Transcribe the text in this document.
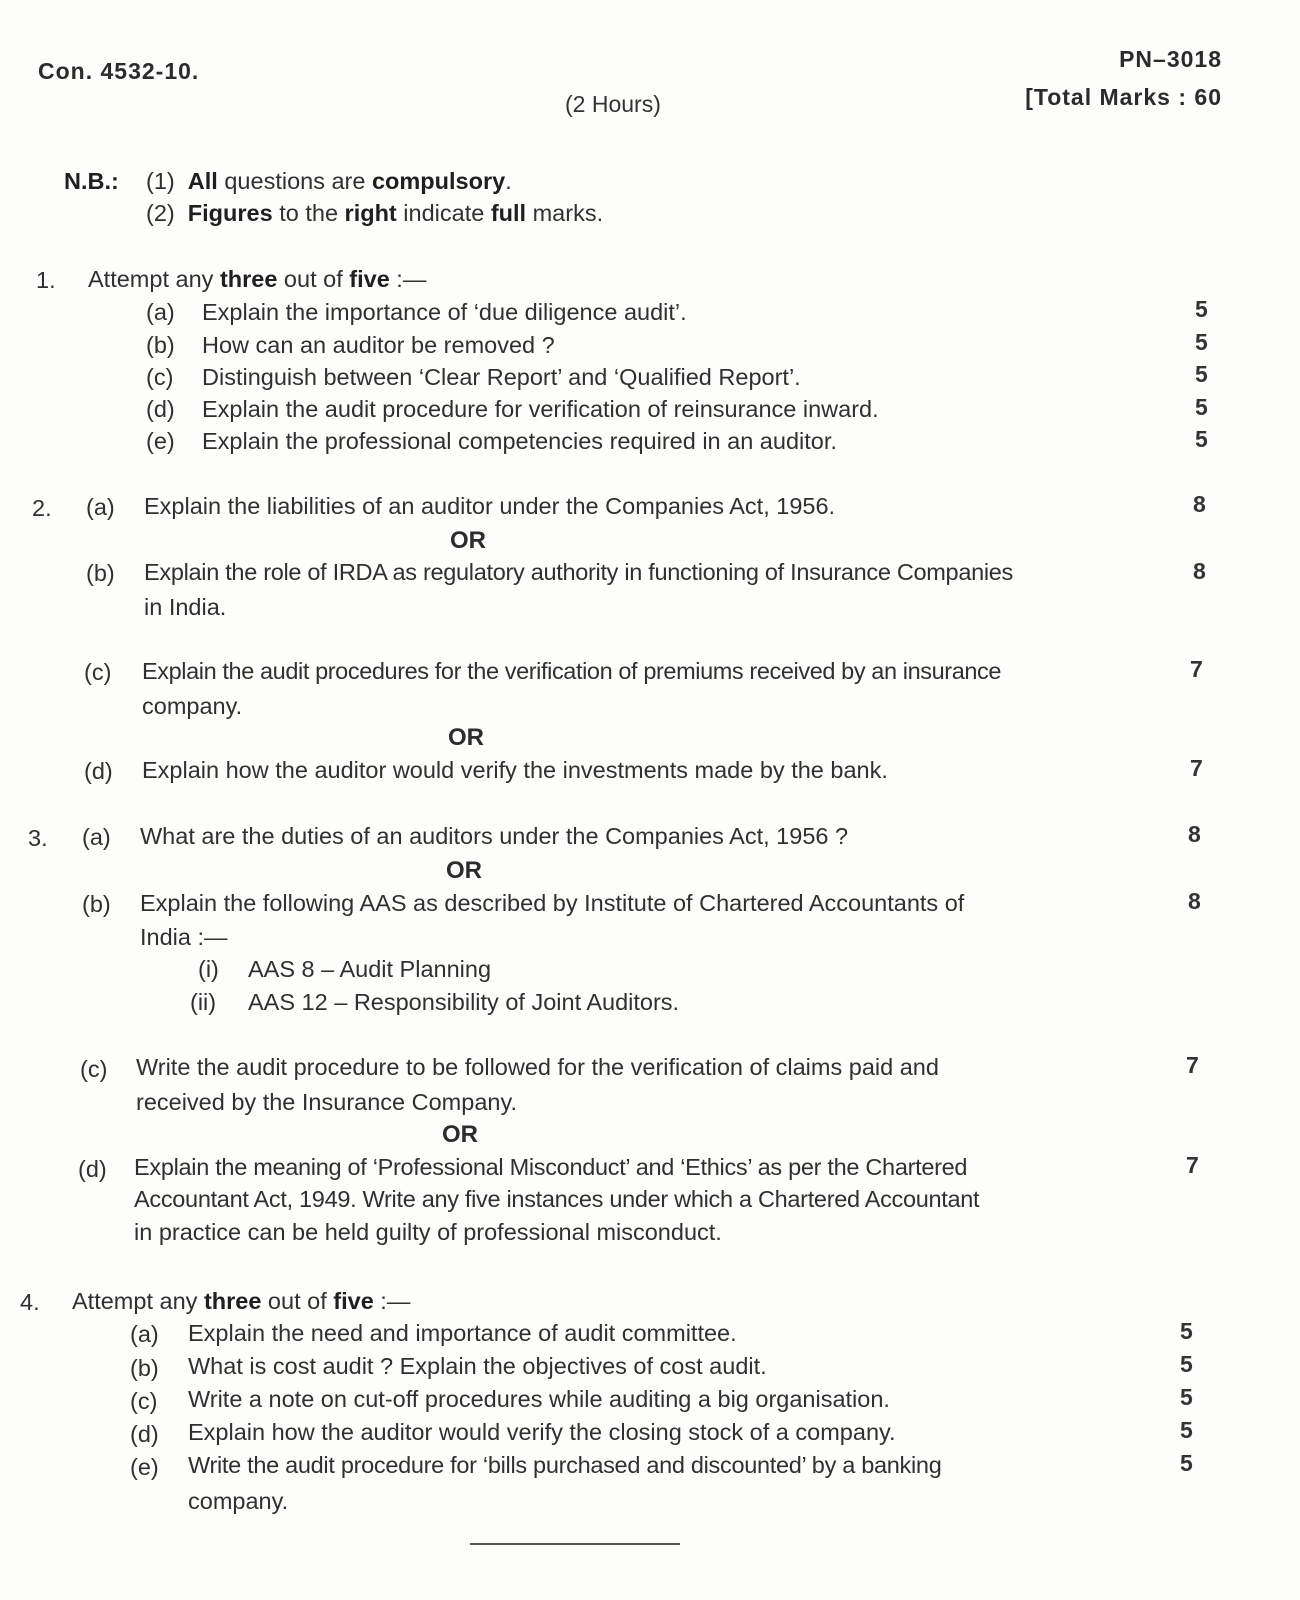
Con. 4532-10.	PN–3018
(2 Hours)	[Total Marks : 60
N.B.: (1) All questions are compulsory.
(2) Figures to the right indicate full marks.
1. Attempt any three out of five :—
(a) Explain the importance of ‘due diligence audit’.	5
(b) How can an auditor be removed ?	5
(c) Distinguish between ‘Clear Report’ and ‘Qualified Report’.	5
(d) Explain the audit procedure for verification of reinsurance inward.	5
(e) Explain the professional competencies required in an auditor.	5
2. (a) Explain the liabilities of an auditor under the Companies Act, 1956.	8
OR
(b) Explain the role of IRDA as regulatory authority in functioning of Insurance Companies
in India.
8
(c) Explain the audit procedures for the verification of premiums received by an insurance
company.
7
OR
(d) Explain how the auditor would verify the investments made by the bank.	7
3. (a) What are the duties of an auditors under the Companies Act, 1956 ?	8
OR
(b) Explain the following AAS as described by Institute of Chartered Accountants of
India :—
8
(i) AAS 8 – Audit Planning
(ii) AAS 12 – Responsibility of Joint Auditors.
(c) Write the audit procedure to be followed for the verification of claims paid and
received by the Insurance Company.
7
OR
(d) Explain the meaning of ‘Professional Misconduct’ and ‘Ethics’ as per the Chartered
Accountant Act, 1949. Write any five instances under which a Chartered Accountant
in practice can be held guilty of professional misconduct.
7
4. Attempt any three out of five :—
(a) Explain the need and importance of audit committee.	5
(b) What is cost audit ? Explain the objectives of cost audit.	5
(c) Write a note on cut-off procedures while auditing a big organisation.	5
(d) Explain how the auditor would verify the closing stock of a company.	5
(e) Write the audit procedure for ‘bills purchased and discounted’ by a banking
company.
5
